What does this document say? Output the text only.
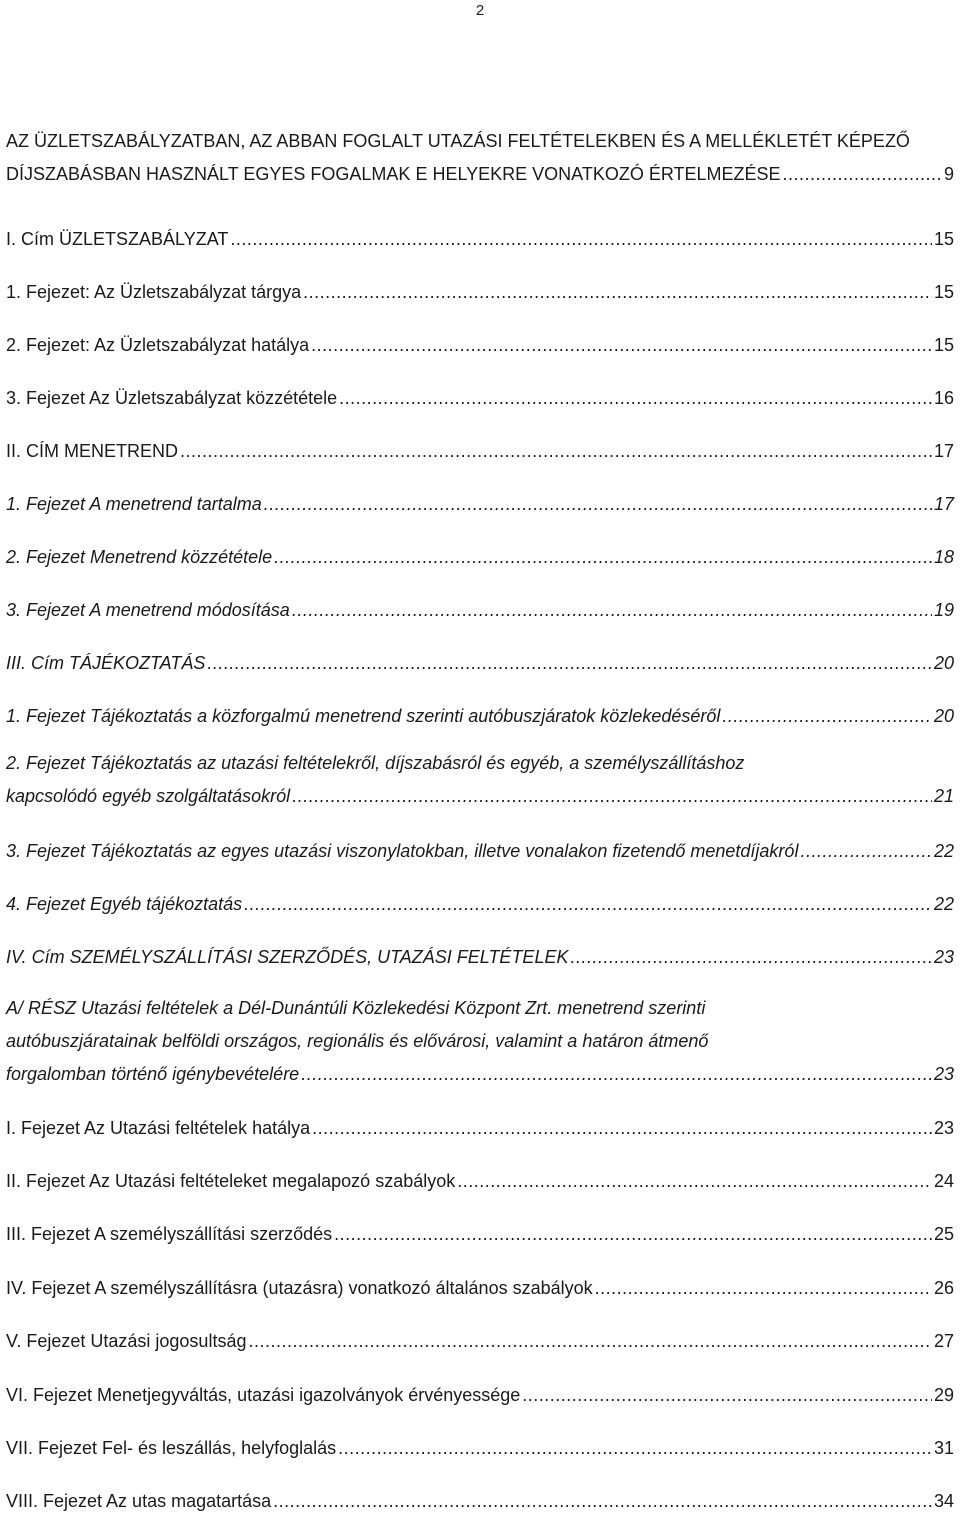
2
AZ ÜZLETSZABÁLYZATBAN, AZ ABBAN FOGLALT UTAZÁSI FELTÉTELEKBEN ÉS A MELLÉKLETÉT KÉPEZŐ
DÍJSZABÁSBAN HASZNÁLT EGYES FOGALMAK E HELYEKRE VONATKOZÓ ÉRTELMEZÉSE .....	9
I. Cím ÜZLETSZABÁLYZAT .....	15
1. Fejezet: Az Üzletszabályzat tárgya .....	15
2. Fejezet: Az Üzletszabályzat hatálya .....	15
3. Fejezet Az Üzletszabályzat közzététele .....	16
II. CÍM MENETREND .....	17
1. Fejezet A menetrend tartalma .....	17
2. Fejezet Menetrend közzététele .....	18
3. Fejezet A menetrend módosítása .....	19
III. Cím TÁJÉKOZTATÁS .....	20
1. Fejezet Tájékoztatás a közforgalmú menetrend szerinti autóbuszjáratok közlekedéséről .....	20
2. Fejezet Tájékoztatás az utazási feltételekről, díjszabásról és egyéb, a személyszállításhoz
kapcsolódó egyéb szolgáltatásokról .....	21
3. Fejezet Tájékoztatás az egyes utazási viszonylatokban, illetve vonalakon fizetendő menetdíjakról .....	22
4. Fejezet Egyéb tájékoztatás .....	22
IV. Cím SZEMÉLYSZÁLLÍTÁSI SZERZŐDÉS, UTAZÁSI FELTÉTELEK .....	23
A/ RÉSZ Utazási feltételek a Dél-Dunántúli Közlekedési Központ Zrt. menetrend szerinti
autóbuszjáratainak belföldi országos, regionális és elővárosi, valamint a határon átmenő
forgalomban történő igénybevételére .....	23
I. Fejezet Az Utazási feltételek hatálya .....	23
II. Fejezet Az Utazási feltételeket megalapozó szabályok .....	24
III. Fejezet A személyszállítási szerződés .....	25
IV. Fejezet A személyszállításra (utazásra) vonatkozó általános szabályok .....	26
V. Fejezet Utazási jogosultság .....	27
VI. Fejezet Menetjegyváltás, utazási igazolványok érvényessége .....	29
VII. Fejezet Fel- és leszállás, helyfoglalás .....	31
VIII. Fejezet Az utas magatartása .....	34
